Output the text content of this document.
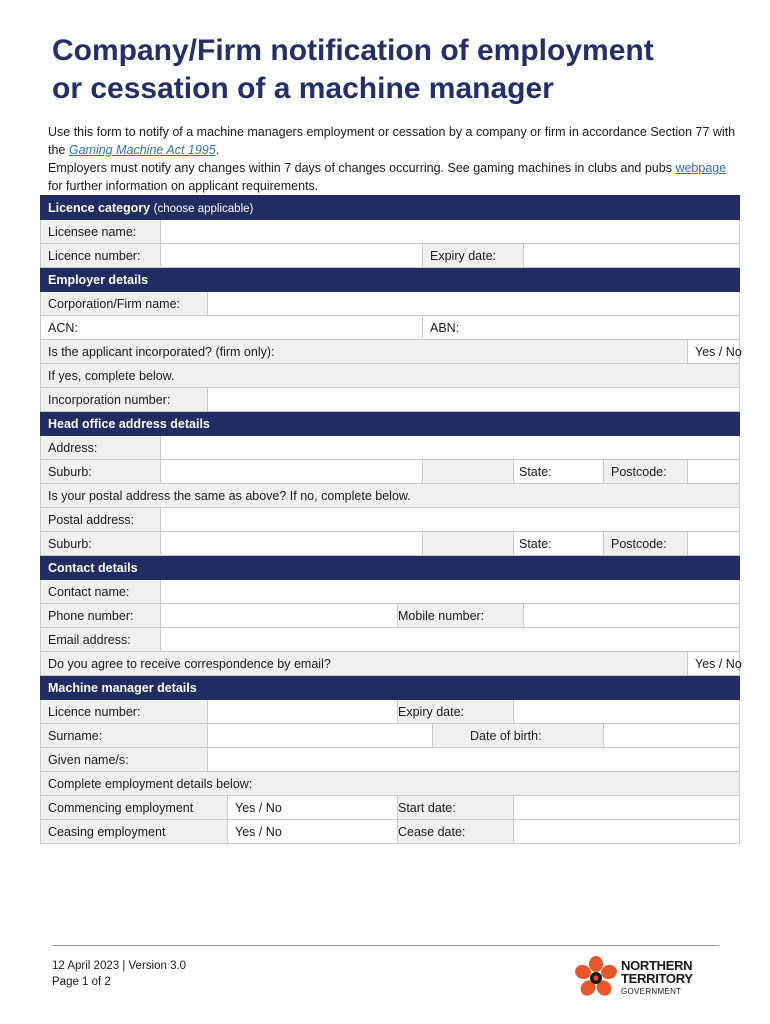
Company/Firm notification of employment
or cessation of a machine manager

Use this form to notify of a machine managers employment or cessation by a company or firm in accordance Section 77 with the Gaming Machine Act 1995.

Employers must notify any changes within 7 days of changes occurring. See gaming machines in clubs and pubs webpage for further information on applicant requirements.

Licence category (choose applicable)										
Licensee name:										
Licence number:					Expiry date:					
Employer details										
Corporation/Firm name:										
ACN:					ABN:					
Is the applicant incorporated? (firm only):										Yes / No
If yes, complete below.										
Incorporation number:										
Head office address details										
Address:										
Suburb:					State:				Postcode:	
Is your postal address the same as above? If no, complete below.										
Postal address:										
Suburb:					State:				Postcode:	
Contact details										
Contact name:										
Phone number:				Mobile number:						
Email address:										
Do you agree to receive correspondence by email?										Yes / No
Machine manager details										
Licence number:				Expiry date:						
Surname:						Date of birth:				
Given name/s:										
Complete employment details below:										
Commencing employment			Yes / No	Start date:						
Ceasing employment			Yes / No	Cease date:						
12 April 2023 | Version 3.0
Page 1 of 2
NORTHERN
TERRITORY
GOVERNMENT
